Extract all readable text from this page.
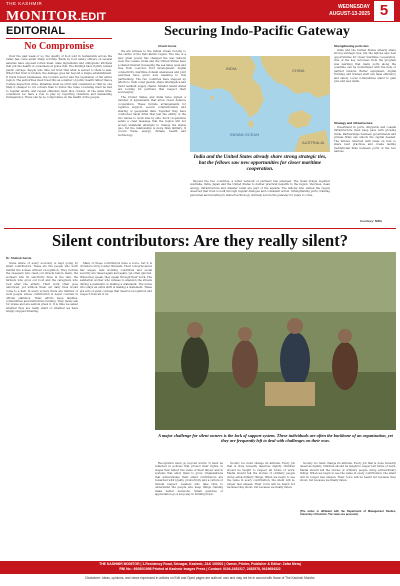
THE KASHMIR
MONITOR.EDIT
WEDNESDAY
AUGUST-13-2025 5
EDITORIAL
No Compromise

Over the past week or so, the quality of food sold in restaurants across the valley has come under sharp scrutiny. Raids by food safety officers on several eateries have exposed rotten meat, stale ingredients and unhygienic kitchens that put the health of consumers at grave risk. The findings have rightly caused public outrage. People who dine out trust that what is served to them is safe. When that trust is broken, the damage goes far beyond a single establishment. It hurts honest businesses, the tourism sector and the reputation of the entire region. The authorities must treat this as a matter of public health rather than a routine inspection drive. Penalties must be strict and consistent so that no one finds it cheaper to cut corners than to follow the rules. Licensing must be tied to regular audits, and repeat offenders must face closure. At the same time, consumers too have a role to play by reporting violations and demanding transparency. There can be no compromise on the health of the people.

Securing Indo-Pacific Gateway
Chanti Hema

We are witness to the Indian Ocean moving to the centre of the Indo-Pacific region. The rise of a new great power has changed the way nations view the oceans. India and the United States have a shared interest in keeping the sea lanes open and free from coercion. Port development, digital connectivity, maritime domain awareness and joint exercises have given new meaning to this partnership. The two countries have stepped up efforts to train coast guards, share intelligence and build resilient supply chains. Smaller island states are looking for partners that respect their sovereignty.

The United States and India have signed a number of agreements that allow closer defence cooperation. These include arrangements for logistics support, secure communication and sharing of geospatial data. Together they have conducted naval drills that test the ability of the two navies to work side by side. Such cooperation sends a clear message that the region will not accept unilateral attempts to change the status quo. Yet the relationship is more than military. It covers trade, energy, climate, health and technology.

INDIA
INDIAN OCEAN
CHINA
AUSTRALIA
India and the United States already share strong strategic ties, but the fellows saw new opportunities for closer maritime cooperation.

Beyond the two countries, a wider network of partners has emerged. The Quad brings together Australia, India, Japan and the United States to deliver practical benefits to the region. Vaccines, clean energy, infrastructure and disaster relief are part of the agenda. The fellows who visited the region observed that trust is built through regular dialogue and consistent action. Strengthening ports, training personnel and investing in shared technology will help secure the gateway for years to come.

Strengthening ports ties

India and the United States already share strong strategic ties, but the fellows saw new opportunities for closer maritime cooperation. One of the key outcomes from the program was learning that many ports along the coastline can be modernised with the help of partner nations. Better equipment, digital tracking and trained staff can raise efficiency and safety. Local communities stand to gain jobs and new skills.

Strategy and infrastructure

Investment in ports, shipyards and coastal infrastructure must keep pace with growing trade. Partnerships between governments and private firms can unlock the capital needed. The fellows returned with ideas on how to share best practices and create lasting institutional links between ports of the two nations.

Courtesy: NIDA
Silent contributors: Are they really silent?
Dr. Shabab Samia

Some share of every economy is kept going by silent contributors. These are the people who work behind the scenes without recognition. They include the sweepers who clean our streets before dawn, the workers who fix electricity lines in the rain, the farmers who grow our food and the caregivers who look after the elderly. Their work often goes unnoticed, yet without them our daily lives would come to a halt. In every society there are millions of such people whose contribution is never counted in official statistics. Their efforts keep families, communities and institutions running. They rarely ask for praise and are seldom given it. It is time we asked whether they are really silent or whether we have simply stopped listening.

Many of these contributors have a voice, but it is drowned out by louder interests. Their concerns about fair wages, safe working conditions and social security are raised again and again, yet often ignored. When they speak, they speak through their work. The sanitation worker who refuses to abandon the streets during a pandemic is making a statement. The nurse who stays an extra shift is making a statement. These are acts of quiet courage that deserve recognition and respect from all of us.

A major challenge for silent owners is the lack of support system. These individuals are often the backbone of an organization, yet they are frequently left to deal with challenges on their own.

Recognition must go beyond words. It must be reflected in policies that protect their rights, in wages that reflect the value of their labour and in systems that allow them to grow. Organisations that acknowledge their silent contributors are rewarded with loyalty, productivity and a culture of mutual respect. Leaders who take time to understand the people who keep things running make better decisions. Small gestures of appreciation go a long way in building trust.

Society too must change its attitude. Every job that is done honestly deserves dignity. Children should be taught to respect all forms of work. Media should tell the stories of ordinary people doing extraordinary things. When we begin to see the value in every contribution, the silent will no longer feel unseen. Their voice will be heard not because they shout, but because we finally listen.

Society too must change its attitude. Every job that is done honestly deserves dignity. Children should be taught to respect all forms of work. Media should tell the stories of ordinary people doing extraordinary things. When we begin to see the value in every contribution, the silent will no longer feel unseen. Their voice will be heard not because they shout, but because we finally listen.

(The writer is affiliated with the Department of Management Studies, University of Kashmir. The views are personal.)
THE KASHMIR MONITOR | 1-Residency Road, Srinagar, Kashmir, J&K 190001 | Owner, Printer, Publisher & Editor: Zafar Meraj
RNI No.: 69260/1998 Printed at Kashmir Images Press | Contact: 0194-2452317, 2452578, 9419654322
Disclaimer: Ideas, opinions, and views expressed in articles on Edit and Oped pages are authors' own and may not be in accord with those of The Kashmir Monitor
